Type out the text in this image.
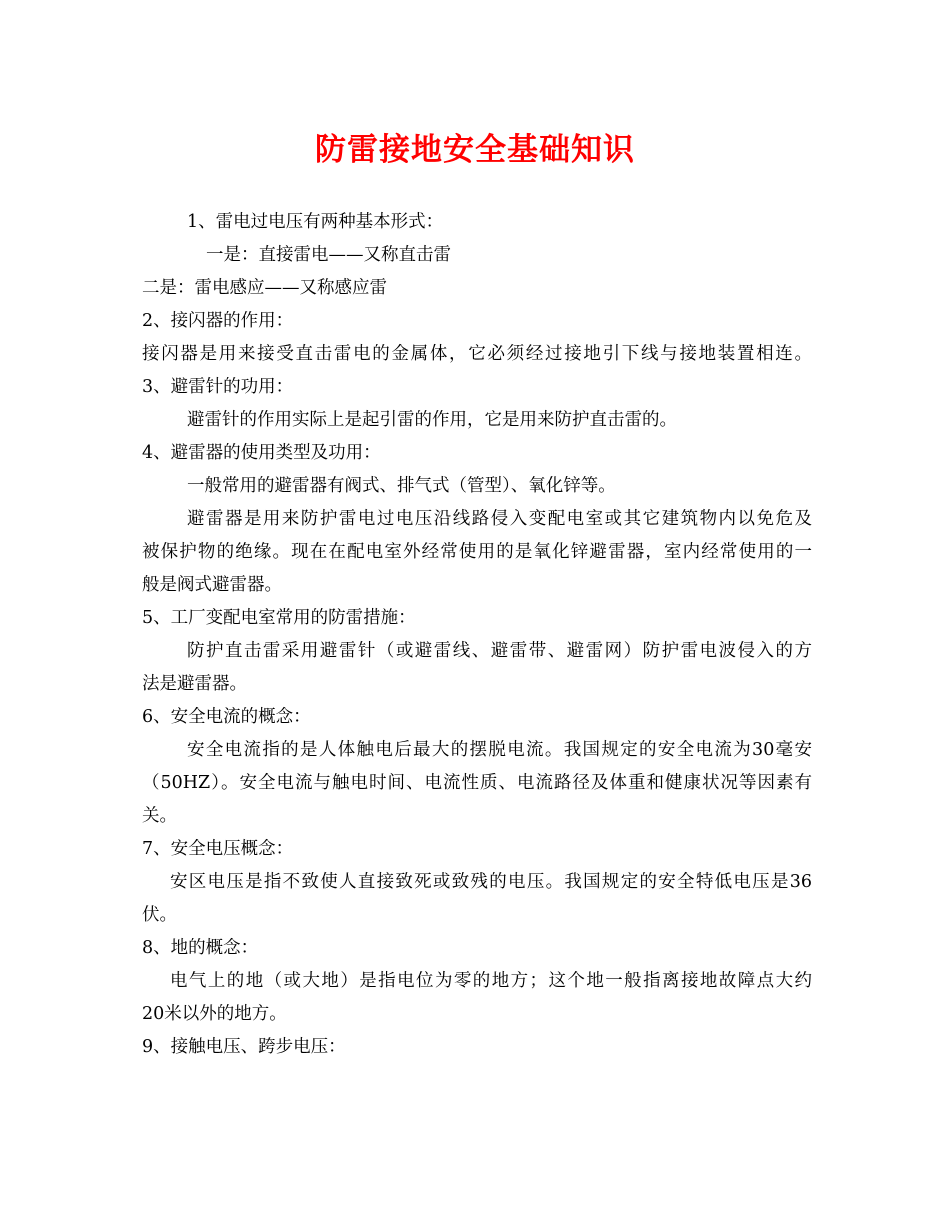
防雷接地安全基础知识
1、雷电过电压有两种基本形式：
一是：直接雷电——又称直击雷
二是：雷电感应——又称感应雷
2、接闪器的作用：
接闪器是用来接受直击雷电的金属体，它必须经过接地引下线与接地装置相连。
3、避雷针的功用：
避雷针的作用实际上是起引雷的作用，它是用来防护直击雷的。
4、避雷器的使用类型及功用：
一般常用的避雷器有阀式、排气式（管型）、氧化锌等。
避雷器是用来防护雷电过电压沿线路侵入变配电室或其它建筑物内以免危及
被保护物的绝缘。现在在配电室外经常使用的是氧化锌避雷器，室内经常使用的一
般是阀式避雷器。
5、工厂变配电室常用的防雷措施：
防护直击雷采用避雷针（或避雷线、避雷带、避雷网）防护雷电波侵入的方
法是避雷器。
6、安全电流的概念：
安全电流指的是人体触电后最大的摆脱电流。我国规定的安全电流为30毫安
（50HZ）。安全电流与触电时间、电流性质、电流路径及体重和健康状况等因素有
关。
7、安全电压概念：
安区电压是指不致使人直接致死或致残的电压。我国规定的安全特低电压是36
伏。
8、地的概念：
电气上的地（或大地）是指电位为零的地方；这个地一般指离接地故障点大约
20米以外的地方。
9、接触电压、跨步电压：
